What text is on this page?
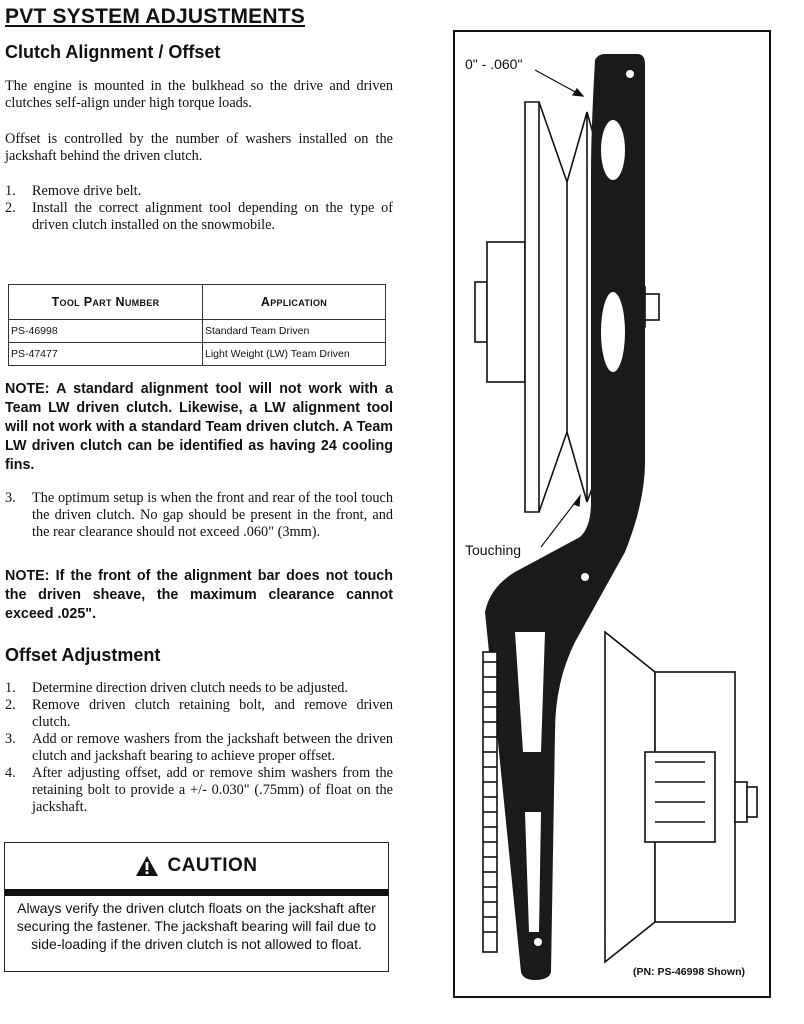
PVT SYSTEM ADJUSTMENTS
Clutch Alignment / Offset
The engine is mounted in the bulkhead so the drive and driven clutches self-align under high torque loads.
Offset is controlled by the number of washers installed on the jackshaft behind the driven clutch.
1. Remove drive belt.
2. Install the correct alignment tool depending on the type of driven clutch installed on the snowmobile.
Tool Part Number	Application
PS-46998	Standard Team Driven
PS-47477	Light Weight (LW) Team Driven
NOTE: A standard alignment tool will not work with a Team LW driven clutch. Likewise, a LW alignment tool will not work with a standard Team driven clutch. A Team LW driven clutch can be identified as having 24 cooling fins.
3. The optimum setup is when the front and rear of the tool touch the driven clutch. No gap should be present in the front, and the rear clearance should not exceed .060" (3mm).
NOTE: If the front of the alignment bar does not touch the driven sheave, the maximum clearance cannot exceed .025".
Offset Adjustment
1. Determine direction driven clutch needs to be adjusted.
2. Remove driven clutch retaining bolt, and remove driven clutch.
3. Add or remove washers from the jackshaft between the driven clutch and jackshaft bearing to achieve proper offset.
4. After adjusting offset, add or remove shim washers from the retaining bolt to provide a +/- 0.030" (.75mm) of float on the jackshaft.
CAUTION
Always verify the driven clutch floats on the jackshaft after securing the fastener. The jackshaft bearing will fail due to side-loading if the driven clutch is not allowed to float.
0" - .060"
Touching
(PN: PS-46998 Shown)
